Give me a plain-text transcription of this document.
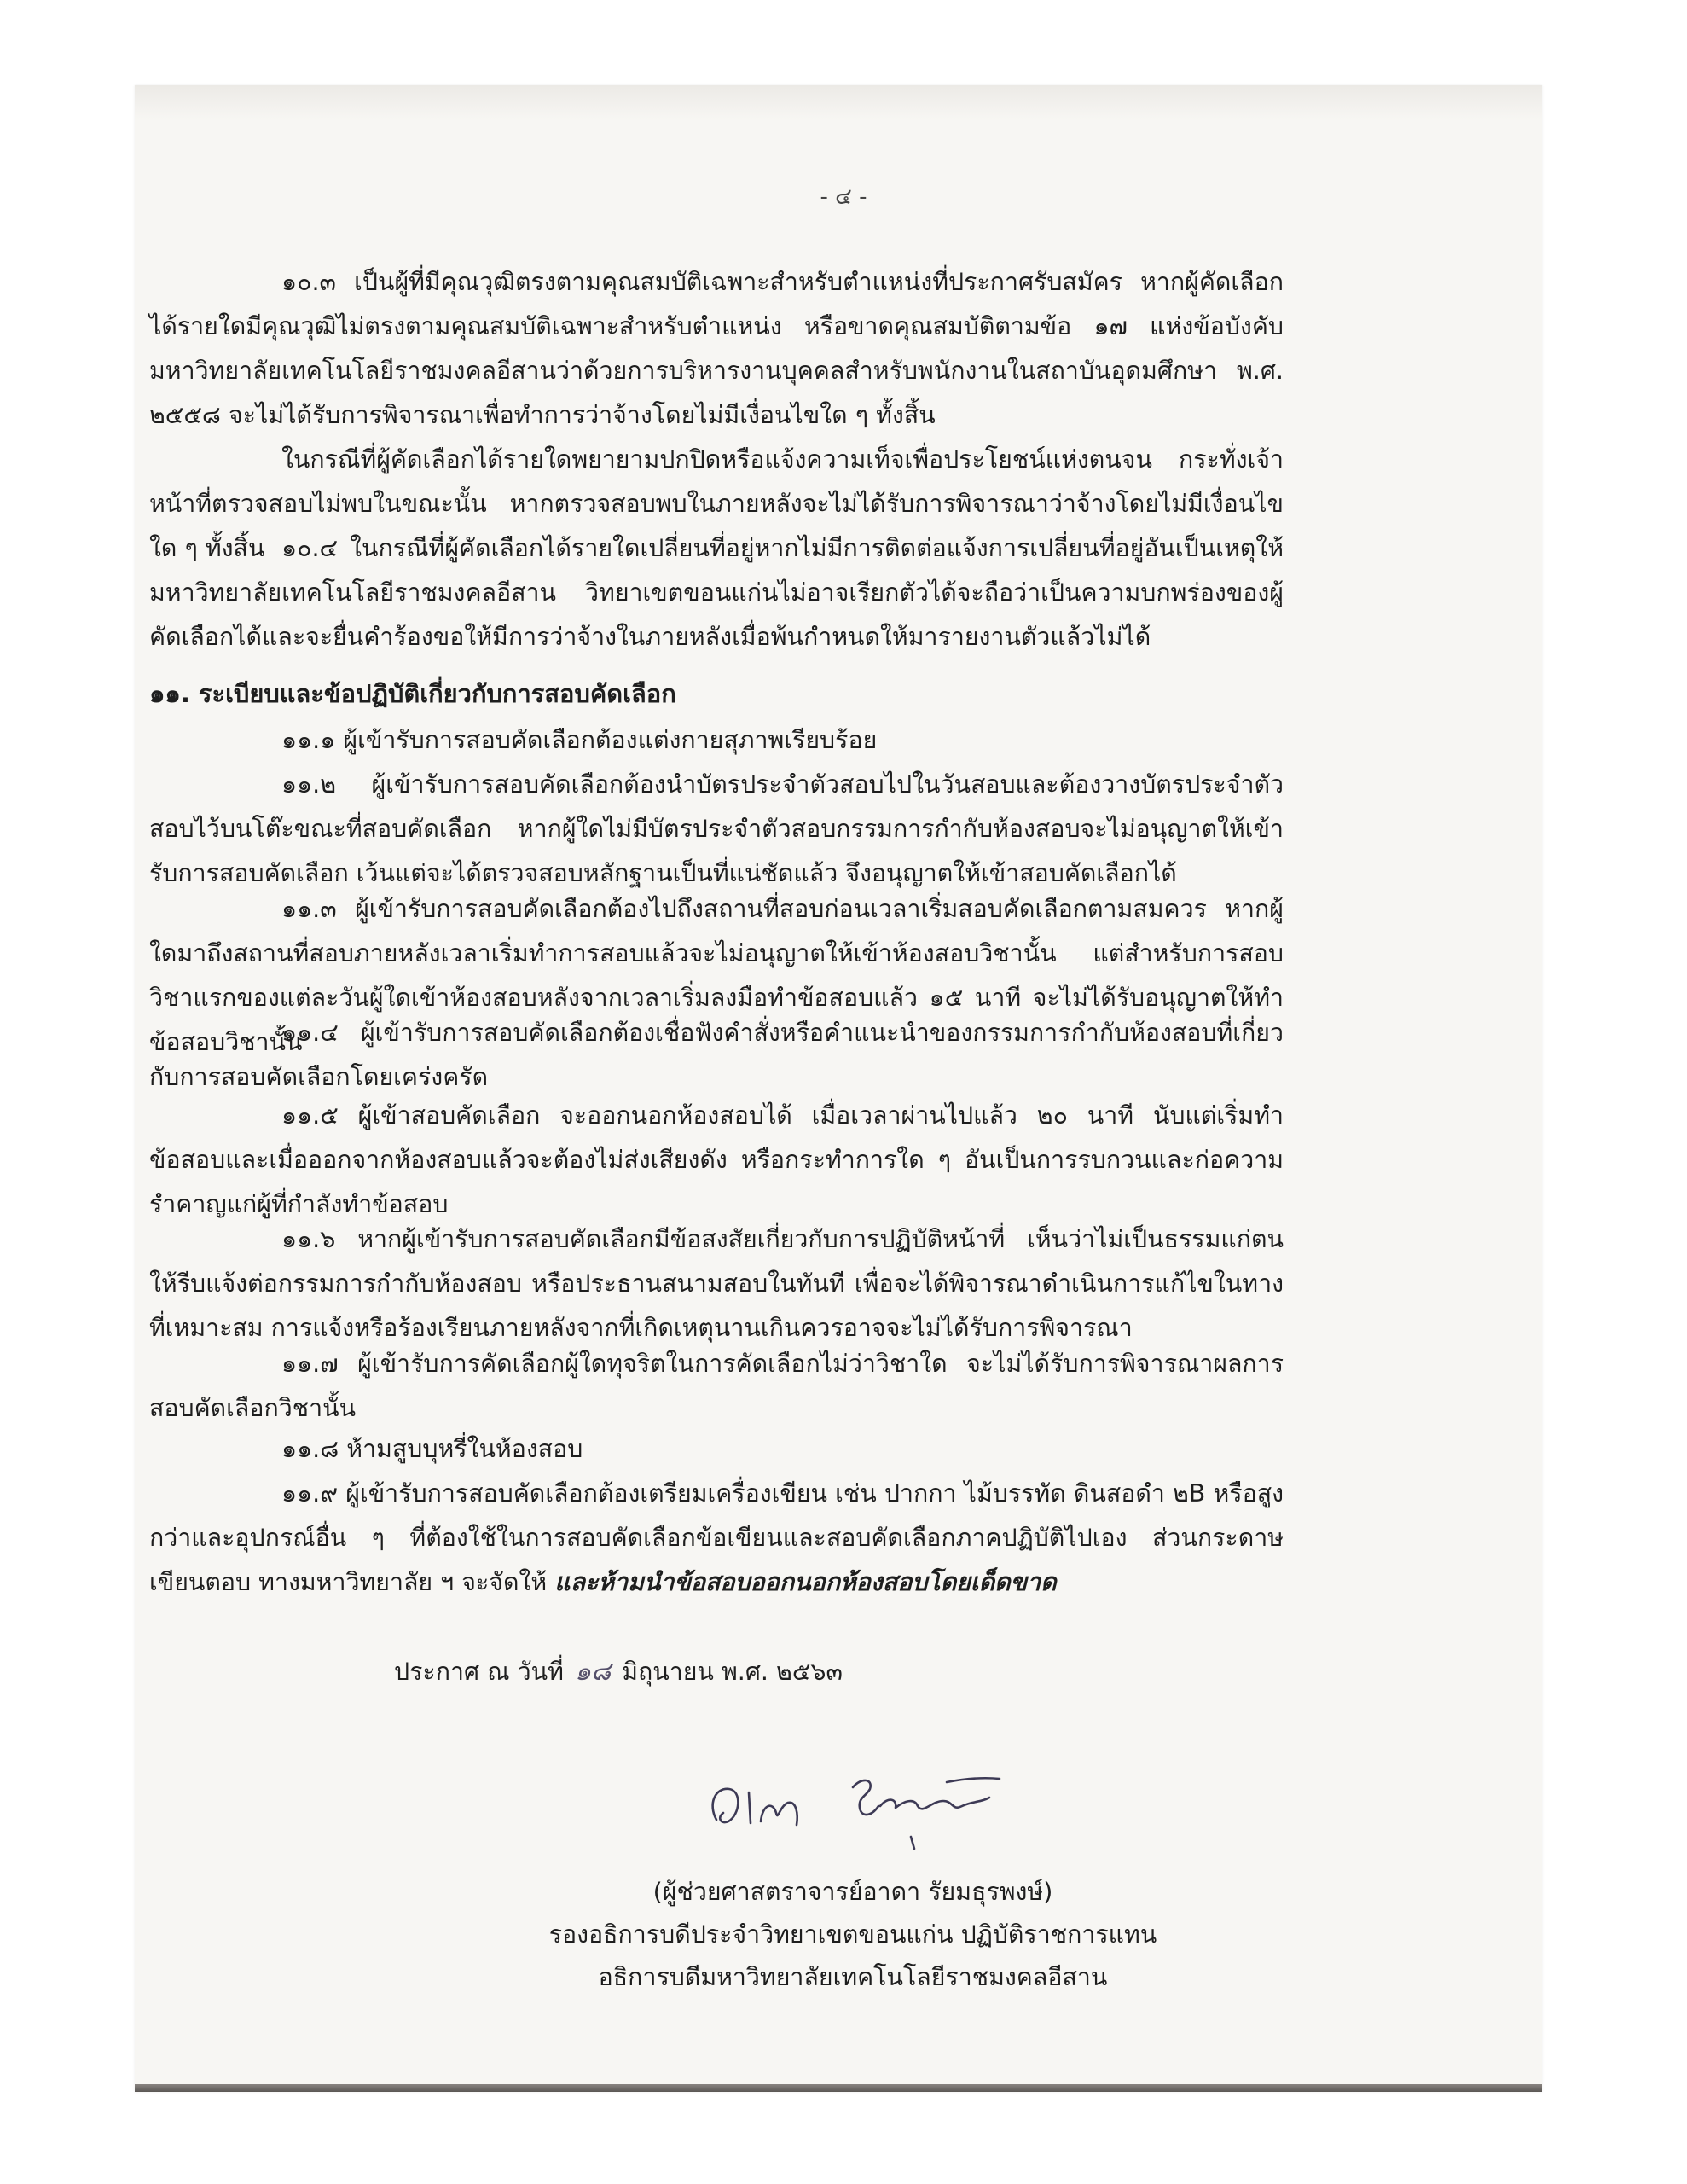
- ๔ -

๑๐.๓ เป็นผู้ที่มีคุณวุฒิตรงตามคุณสมบัติเฉพาะสำหรับตำแหน่งที่ประกาศรับสมัคร หากผู้คัดเลือกได้รายใดมีคุณวุฒิไม่ตรงตามคุณสมบัติเฉพาะสำหรับตำแหน่ง หรือขาดคุณสมบัติตามข้อ ๑๗ แห่งข้อบังคับมหาวิทยาลัยเทคโนโลยีราชมงคลอีสานว่าด้วยการบริหารงานบุคคลสำหรับพนักงานในสถาบันอุดมศึกษา พ.ศ. ๒๕๕๘ จะไม่ได้รับการพิจารณาเพื่อทำการว่าจ้างโดยไม่มีเงื่อนไขใด ๆ ทั้งสิ้น

ในกรณีที่ผู้คัดเลือกได้รายใดพยายามปกปิดหรือแจ้งความเท็จเพื่อประโยชน์แห่งตนจน กระทั่งเจ้าหน้าที่ตรวจสอบไม่พบในขณะนั้น หากตรวจสอบพบในภายหลังจะไม่ได้รับการพิจารณาว่าจ้างโดยไม่มีเงื่อนไขใด ๆ ทั้งสิ้น ๑๐.๔ ในกรณีที่ผู้คัดเลือกได้รายใดเปลี่ยนที่อยู่หากไม่มีการติดต่อแจ้งการเปลี่ยนที่อยู่อันเป็นเหตุให้มหาวิทยาลัยเทคโนโลยีราชมงคลอีสาน วิทยาเขตขอนแก่นไม่อาจเรียกตัวได้จะถือว่าเป็นความบกพร่องของผู้คัดเลือกได้และจะยื่นคำร้องขอให้มีการว่าจ้างในภายหลังเมื่อพ้นกำหนดให้มารายงานตัวแล้วไม่ได้

๑๑. ระเบียบและข้อปฏิบัติเกี่ยวกับการสอบคัดเลือก

๑๑.๑ ผู้เข้ารับการสอบคัดเลือกต้องแต่งกายสุภาพเรียบร้อย

๑๑.๒ ผู้เข้ารับการสอบคัดเลือกต้องนำบัตรประจำตัวสอบไปในวันสอบและต้องวางบัตรประจำตัวสอบไว้บนโต๊ะขณะที่สอบคัดเลือก หากผู้ใดไม่มีบัตรประจำตัวสอบกรรมการกำกับห้องสอบจะไม่อนุญาตให้เข้ารับการสอบคัดเลือก เว้นแต่จะได้ตรวจสอบหลักฐานเป็นที่แน่ชัดแล้ว จึงอนุญาตให้เข้าสอบคัดเลือกได้

๑๑.๓ ผู้เข้ารับการสอบคัดเลือกต้องไปถึงสถานที่สอบก่อนเวลาเริ่มสอบคัดเลือกตามสมควร หากผู้ใดมาถึงสถานที่สอบภายหลังเวลาเริ่มทำการสอบแล้วจะไม่อนุญาตให้เข้าห้องสอบวิชานั้น แต่สำหรับการสอบวิชาแรกของแต่ละวันผู้ใดเข้าห้องสอบหลังจากเวลาเริ่มลงมือทำข้อสอบแล้ว ๑๕ นาที จะไม่ได้รับอนุญาตให้ทำข้อสอบวิชานั้น

๑๑.๔ ผู้เข้ารับการสอบคัดเลือกต้องเชื่อฟังคำสั่งหรือคำแนะนำของกรรมการกำกับห้องสอบที่เกี่ยวกับการสอบคัดเลือกโดยเคร่งครัด

๑๑.๕ ผู้เข้าสอบคัดเลือก จะออกนอกห้องสอบได้ เมื่อเวลาผ่านไปแล้ว ๒๐ นาที นับแต่เริ่มทำข้อสอบและเมื่อออกจากห้องสอบแล้วจะต้องไม่ส่งเสียงดัง หรือกระทำการใด ๆ อันเป็นการรบกวนและก่อความรำคาญแก่ผู้ที่กำลังทำข้อสอบ

๑๑.๖ หากผู้เข้ารับการสอบคัดเลือกมีข้อสงสัยเกี่ยวกับการปฏิบัติหน้าที่ เห็นว่าไม่เป็นธรรมแก่ตน ให้รีบแจ้งต่อกรรมการกำกับห้องสอบ หรือประธานสนามสอบในทันที เพื่อจะได้พิจารณาดำเนินการแก้ไขในทางที่เหมาะสม การแจ้งหรือร้องเรียนภายหลังจากที่เกิดเหตุนานเกินควรอาจจะไม่ได้รับการพิจารณา

๑๑.๗ ผู้เข้ารับการคัดเลือกผู้ใดทุจริตในการคัดเลือกไม่ว่าวิชาใด จะไม่ได้รับการพิจารณาผลการสอบคัดเลือกวิชานั้น

๑๑.๘ ห้ามสูบบุหรี่ในห้องสอบ

๑๑.๙ ผู้เข้ารับการสอบคัดเลือกต้องเตรียมเครื่องเขียน เช่น ปากกา ไม้บรรทัด ดินสอดำ ๒B หรือสูงกว่าและอุปกรณ์อื่น ๆ ที่ต้องใช้ในการสอบคัดเลือกข้อเขียนและสอบคัดเลือกภาคปฏิบัติไปเอง ส่วนกระดาษ เขียนตอบ ทางมหาวิทยาลัย ฯ จะจัดให้ และห้ามนำข้อสอบออกนอกห้องสอบโดยเด็ดขาด

ประกาศ ณ วันที่ ๑๘ มิถุนายน พ.ศ. ๒๕๖๓
(ผู้ช่วยศาสตราจารย์อาดา รัยมธุรพงษ์)
รองอธิการบดีประจำวิทยาเขตขอนแก่น ปฏิบัติราชการแทน
อธิการบดีมหาวิทยาลัยเทคโนโลยีราชมงคลอีสาน
